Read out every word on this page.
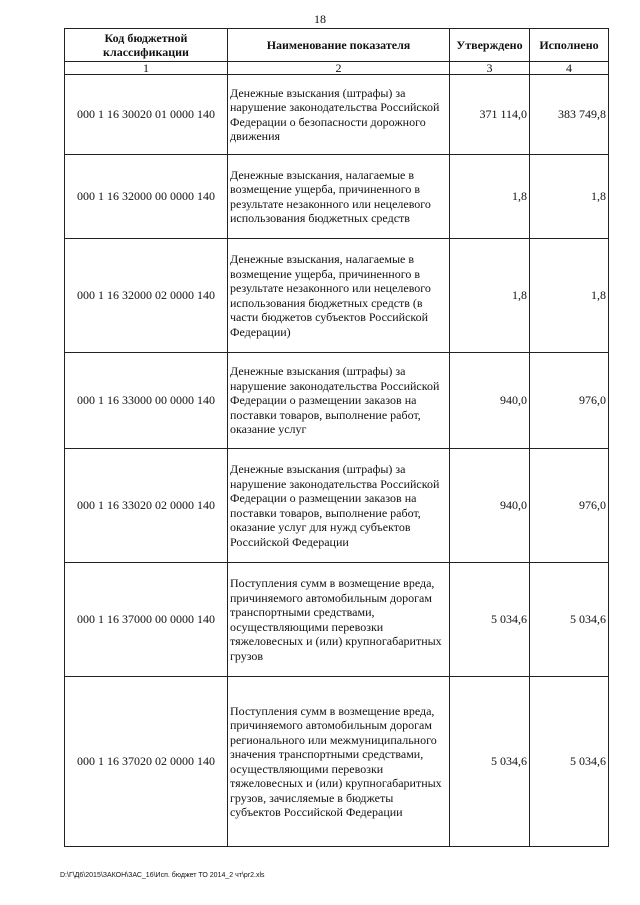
18
Код бюджетной классификации	Наименование показателя	Утверждено	Исполнено
1	2	3	4
000 1 16 30020 01 0000 140	Денежные взыскания (штрафы) за нарушение законодательства Российской Федерации о безопасности дорожного движения	371 114,0	383 749,8
000 1 16 32000 00 0000 140	Денежные взыскания, налагаемые в возмещение ущерба, причиненного в результате незаконного или нецелевого использования бюджетных средств	1,8	1,8
000 1 16 32000 02 0000 140	Денежные взыскания, налагаемые в возмещение ущерба, причиненного в результате незаконного или нецелевого использования бюджетных средств (в части бюджетов субъектов Российской Федерации)	1,8	1,8
000 1 16 33000 00 0000 140	Денежные взыскания (штрафы) за нарушение законодательства Российской Федерации о размещении заказов на поставки товаров, выполнение работ, оказание услуг	940,0	976,0
000 1 16 33020 02 0000 140	Денежные взыскания (штрафы) за нарушение законодательства Российской Федерации о размещении заказов на поставки товаров, выполнение работ, оказание услуг для нужд субъектов Российской Федерации	940,0	976,0
000 1 16 37000 00 0000 140	Поступления сумм в возмещение вреда, причиняемого автомобильным дорогам транспортными средствами, осуществляющими перевозки тяжеловесных и (или) крупногабаритных грузов	5 034,6	5 034,6
000 1 16 37020 02 0000 140	Поступления сумм в возмещение вреда, причиняемого автомобильным дорогам регионального или межмуниципального значения транспортными средствами, осуществляющими перевозки тяжеловесных и (или) крупногабаритных грузов, зачисляемые в бюджеты субъектов Российской Федерации	5 034,6	5 034,6
D:\Г\Д6\2015\ЗАКОН\ЗАС_16\Исп. бюджет ТО 2014_2 чт\pr2.xls
